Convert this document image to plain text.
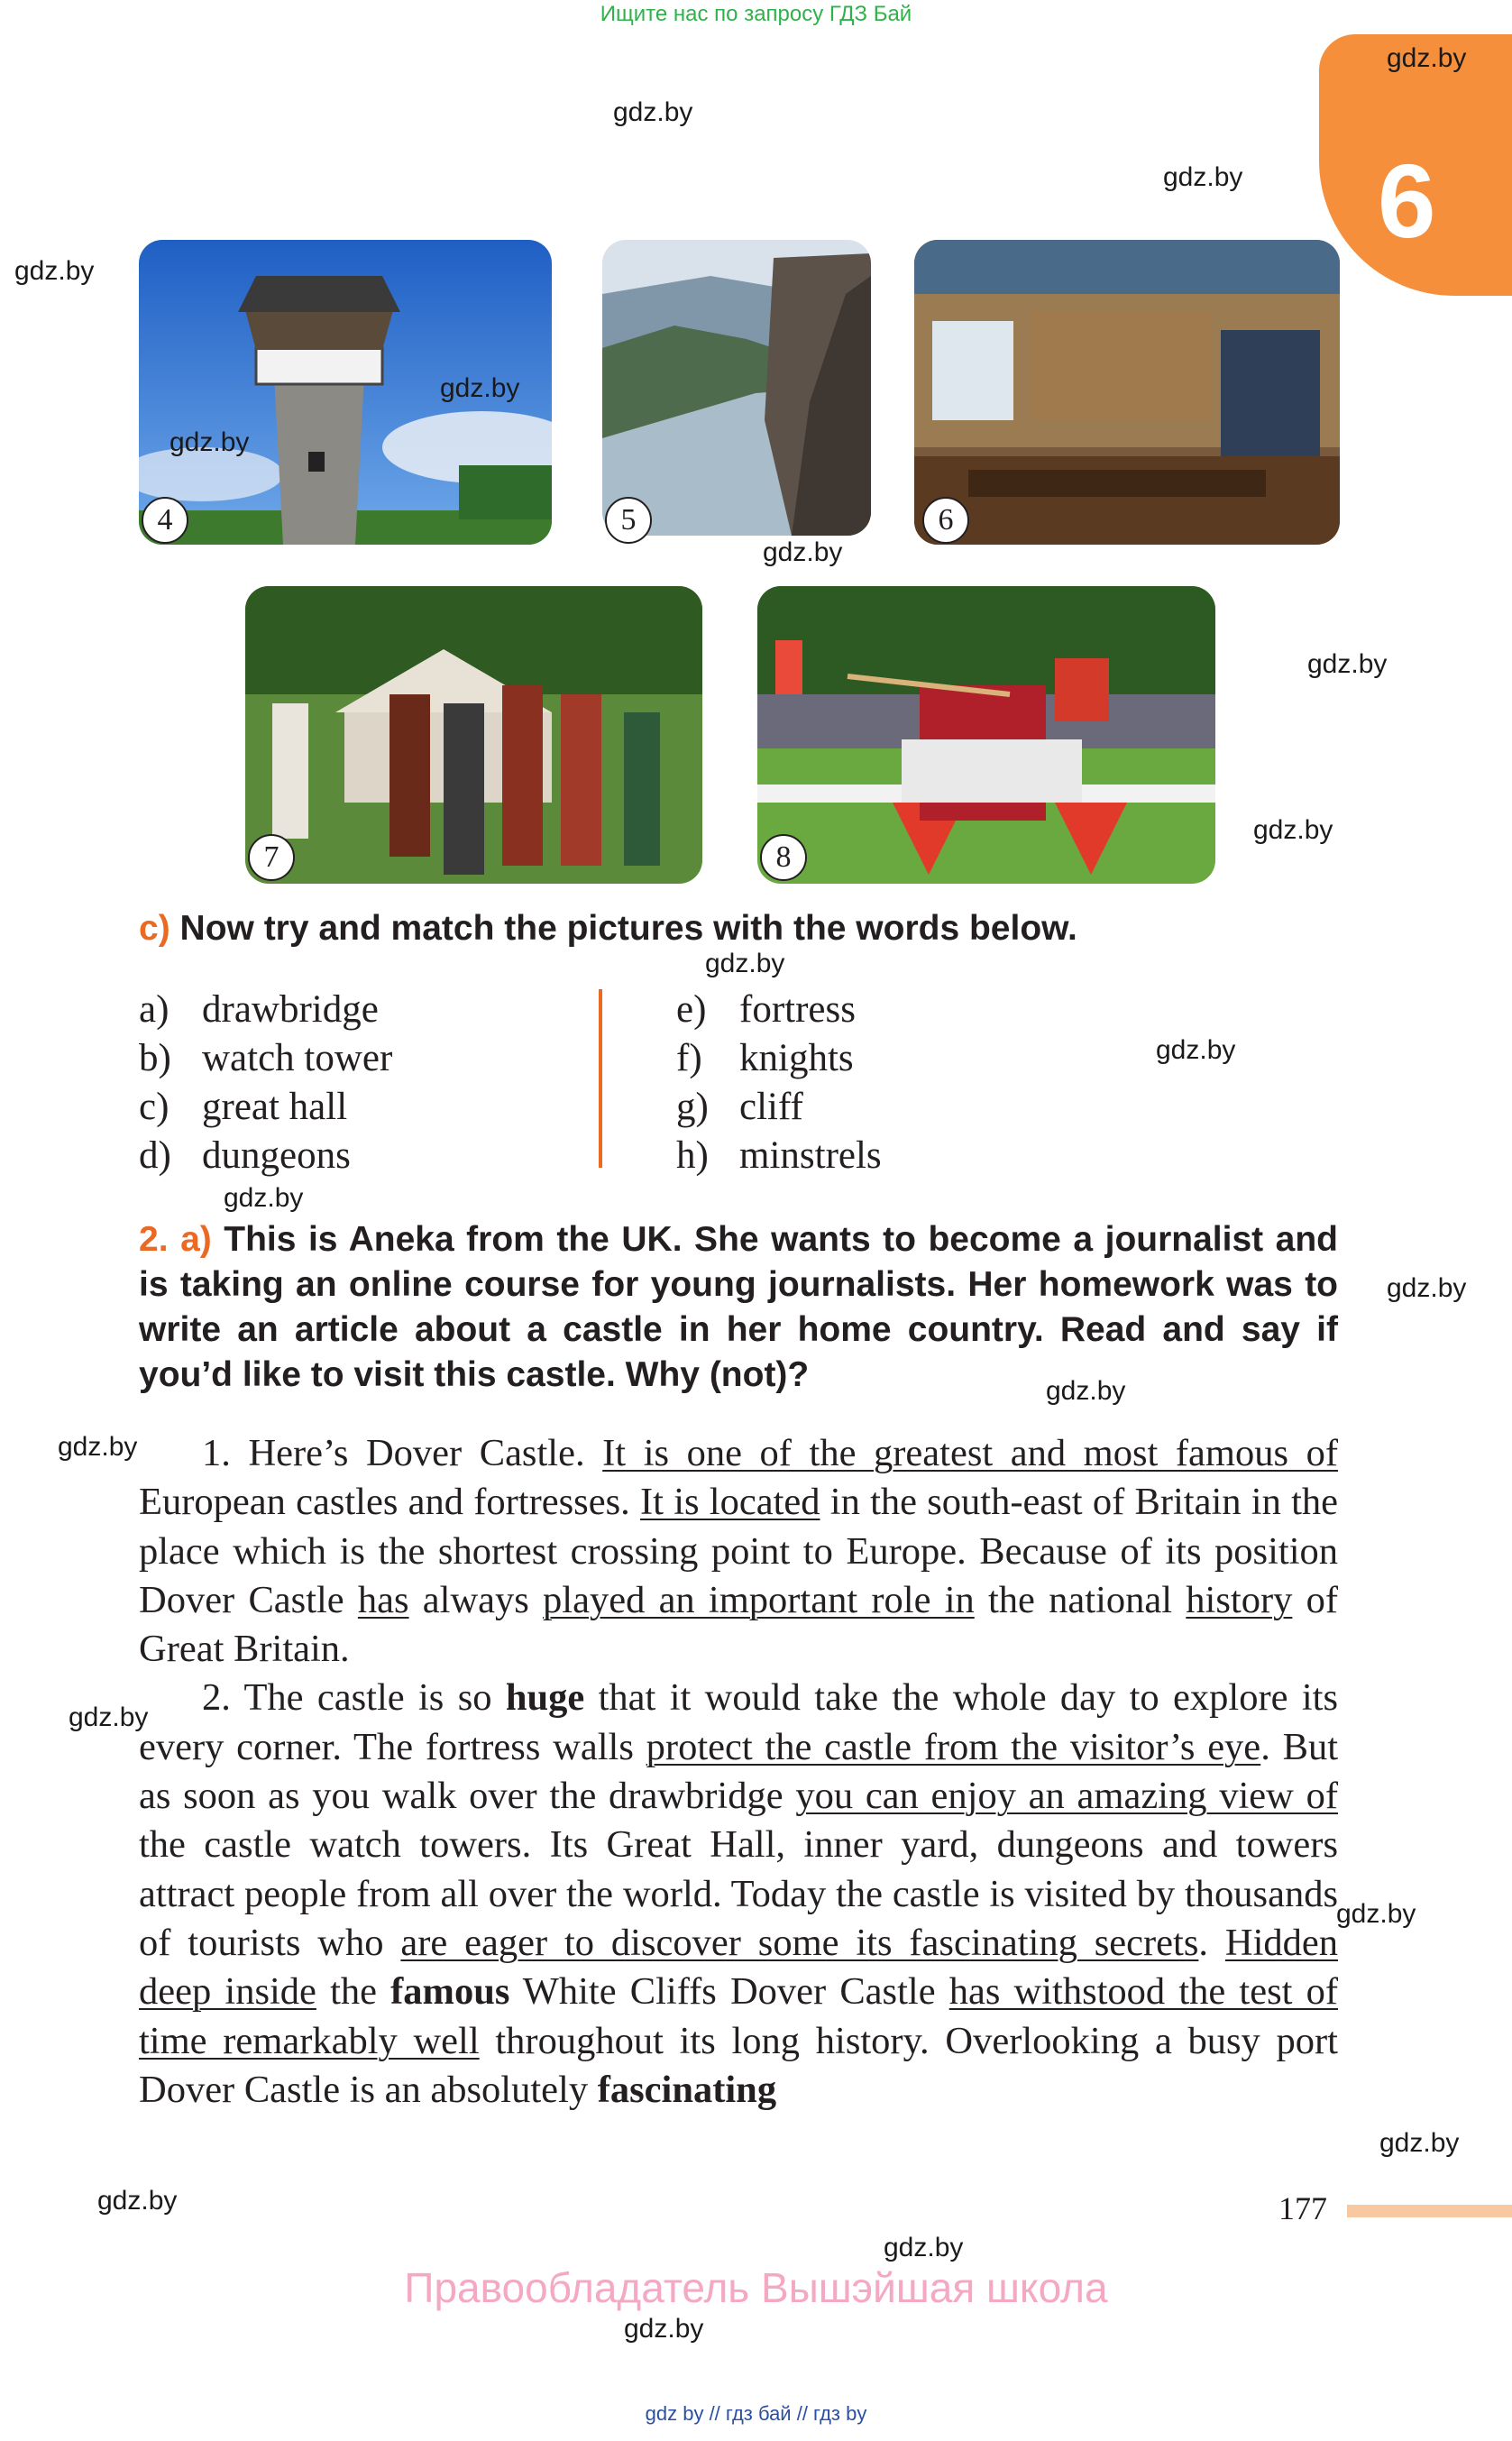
Ищите нас по запросу ГДЗ Бай
6
4	5	6
7	8
c) Now try and match the pictures with the words below.
a) drawbridge
b) watch tower
c) great hall
d) dungeons
e) fortress
f) knights
g) cliff
h) minstrels
2. a) This is Aneka from the UK. She wants to become a journalist and is taking an online course for young journalists. Her homework was to write an article about a castle in her home country. Read and say if you’d like to visit this castle. Why (not)?

1. Here’s Dover Castle. It is one of the greatest and most famous of European castles and fortresses. It is located in the south-east of Britain in the place which is the shortest crossing point to Europe. Because of its position Dover Castle has always played an important role in the national history of Great Britain.

2. The castle is so huge that it would take the whole day to explore its every corner. The fortress walls protect the castle from the visitor’s eye. But as soon as you walk over the drawbridge you can enjoy an amazing view of the castle watch towers. Its Great Hall, inner yard, dungeons and towers attract people from all over the world. Today the castle is visited by thousands of tourists who are eager to discover some its fascinating secrets. Hidden deep inside the famous White Cliffs Dover Castle has withstood the test of time remarkably well throughout its long history. Overlooking a busy port Dover Castle is an absolutely fascinating

177
Правообладатель Вышэйшая школа
gdz by // гдз бай // гдз by
gdz.by
gdz.by
gdz.by
gdz.by
gdz.by
gdz.by
gdz.by
gdz.by
gdz.by
gdz.by
gdz.by
gdz.by
gdz.by
gdz.by
gdz.by
gdz.by
gdz.by
gdz.by
gdz.by
gdz.by
gdz.by
